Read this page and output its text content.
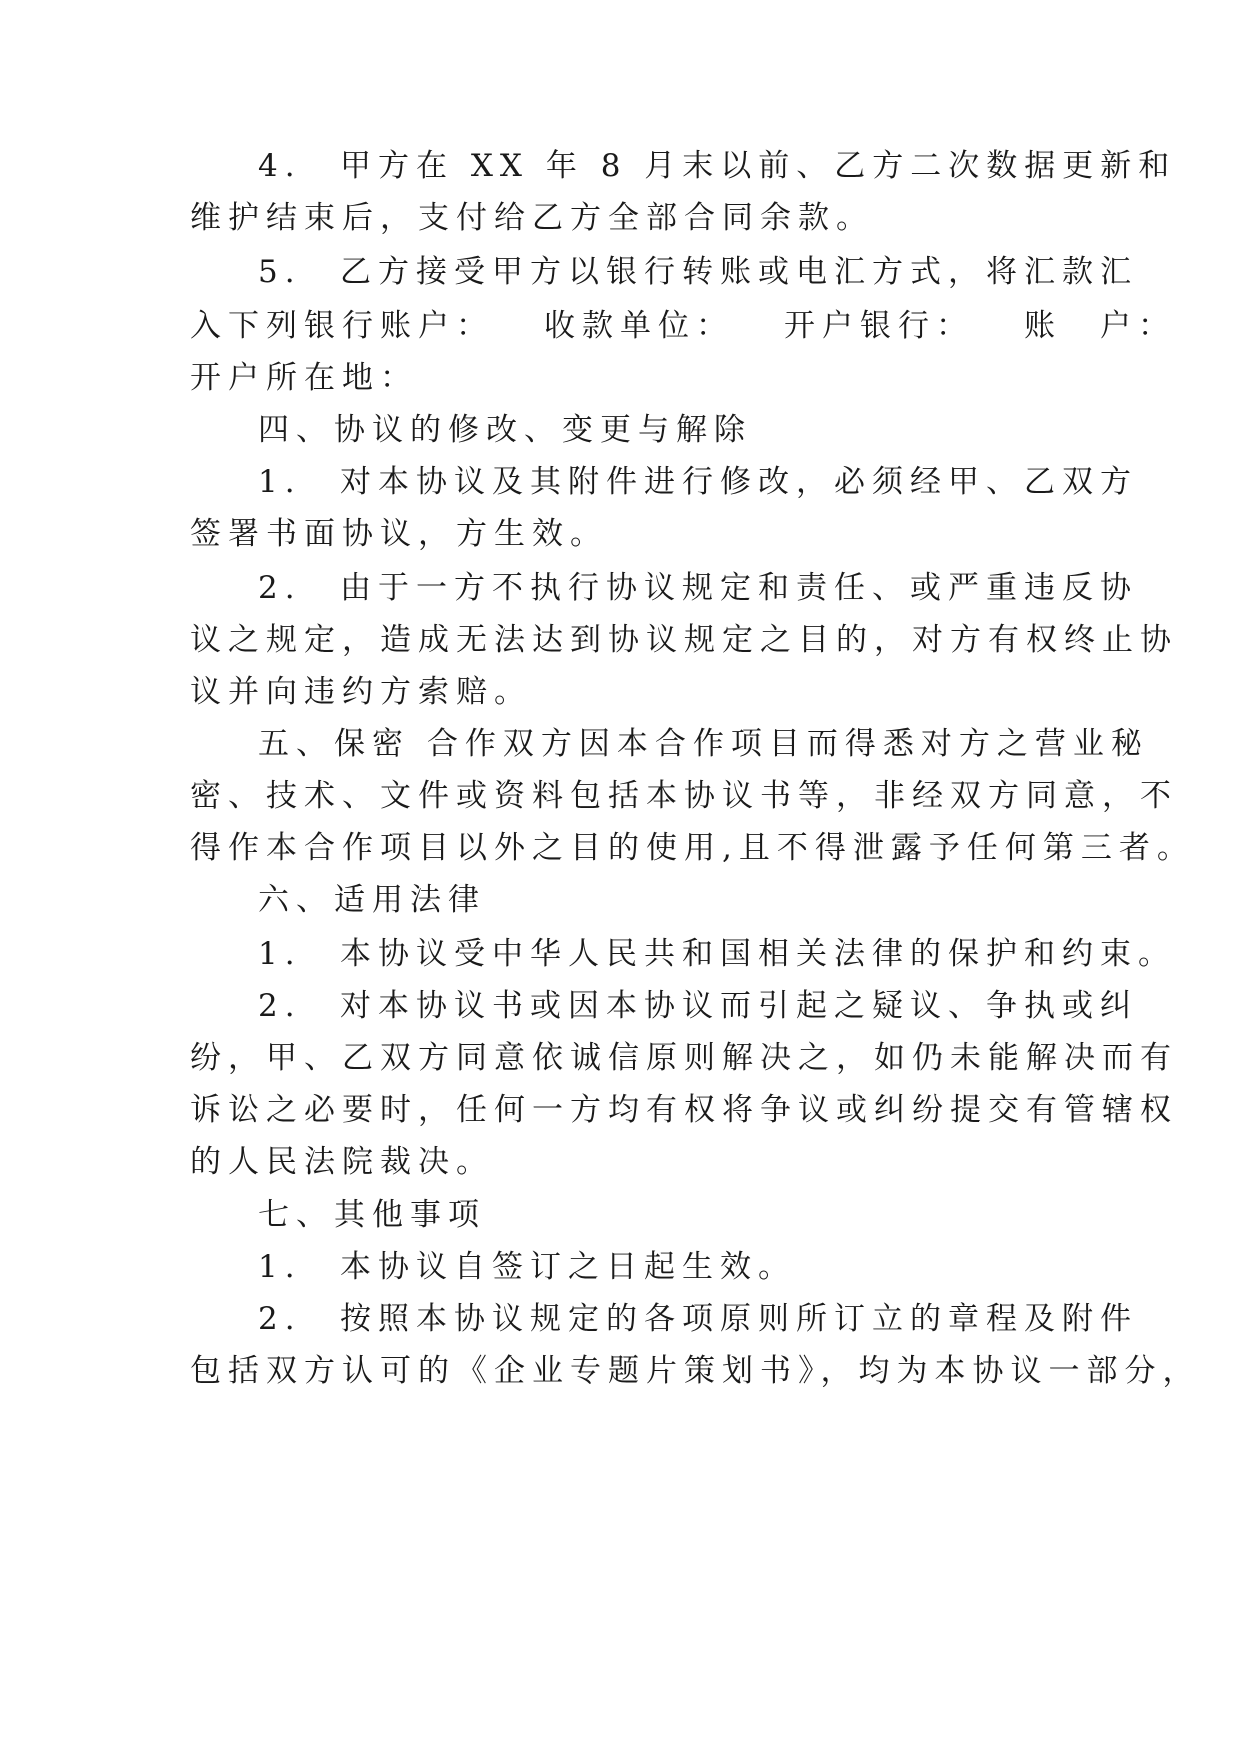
4. 甲方在 XX 年 8 月末以前、乙方二次数据更新和
维护结束后，支付给乙方全部合同余款。
5. 乙方接受甲方以银行转账或电汇方式，将汇款汇
入下列银行账户： 收款单位： 开户银行： 账　户：
开户所在地：
四、协议的修改、变更与解除
1. 对本协议及其附件进行修改，必须经甲、乙双方
签署书面协议，方生效。
2. 由于一方不执行协议规定和责任、或严重违反协
议之规定，造成无法达到协议规定之目的，对方有权终止协
议并向违约方索赔。
五、保密 合作双方因本合作项目而得悉对方之营业秘
密、技术、文件或资料包括本协议书等，非经双方同意，不
得作本合作项目以外之目的使用,且不得泄露予任何第三者。
六、适用法律
1. 本协议受中华人民共和国相关法律的保护和约束。
2. 对本协议书或因本协议而引起之疑议、争执或纠
纷，甲、乙双方同意依诚信原则解决之，如仍未能解决而有
诉讼之必要时，任何一方均有权将争议或纠纷提交有管辖权
的人民法院裁决。
七、其他事项
1. 本协议自签订之日起生效。
2. 按照本协议规定的各项原则所订立的章程及附件
包括双方认可的《企业专题片策划书》，均为本协议一部分，
